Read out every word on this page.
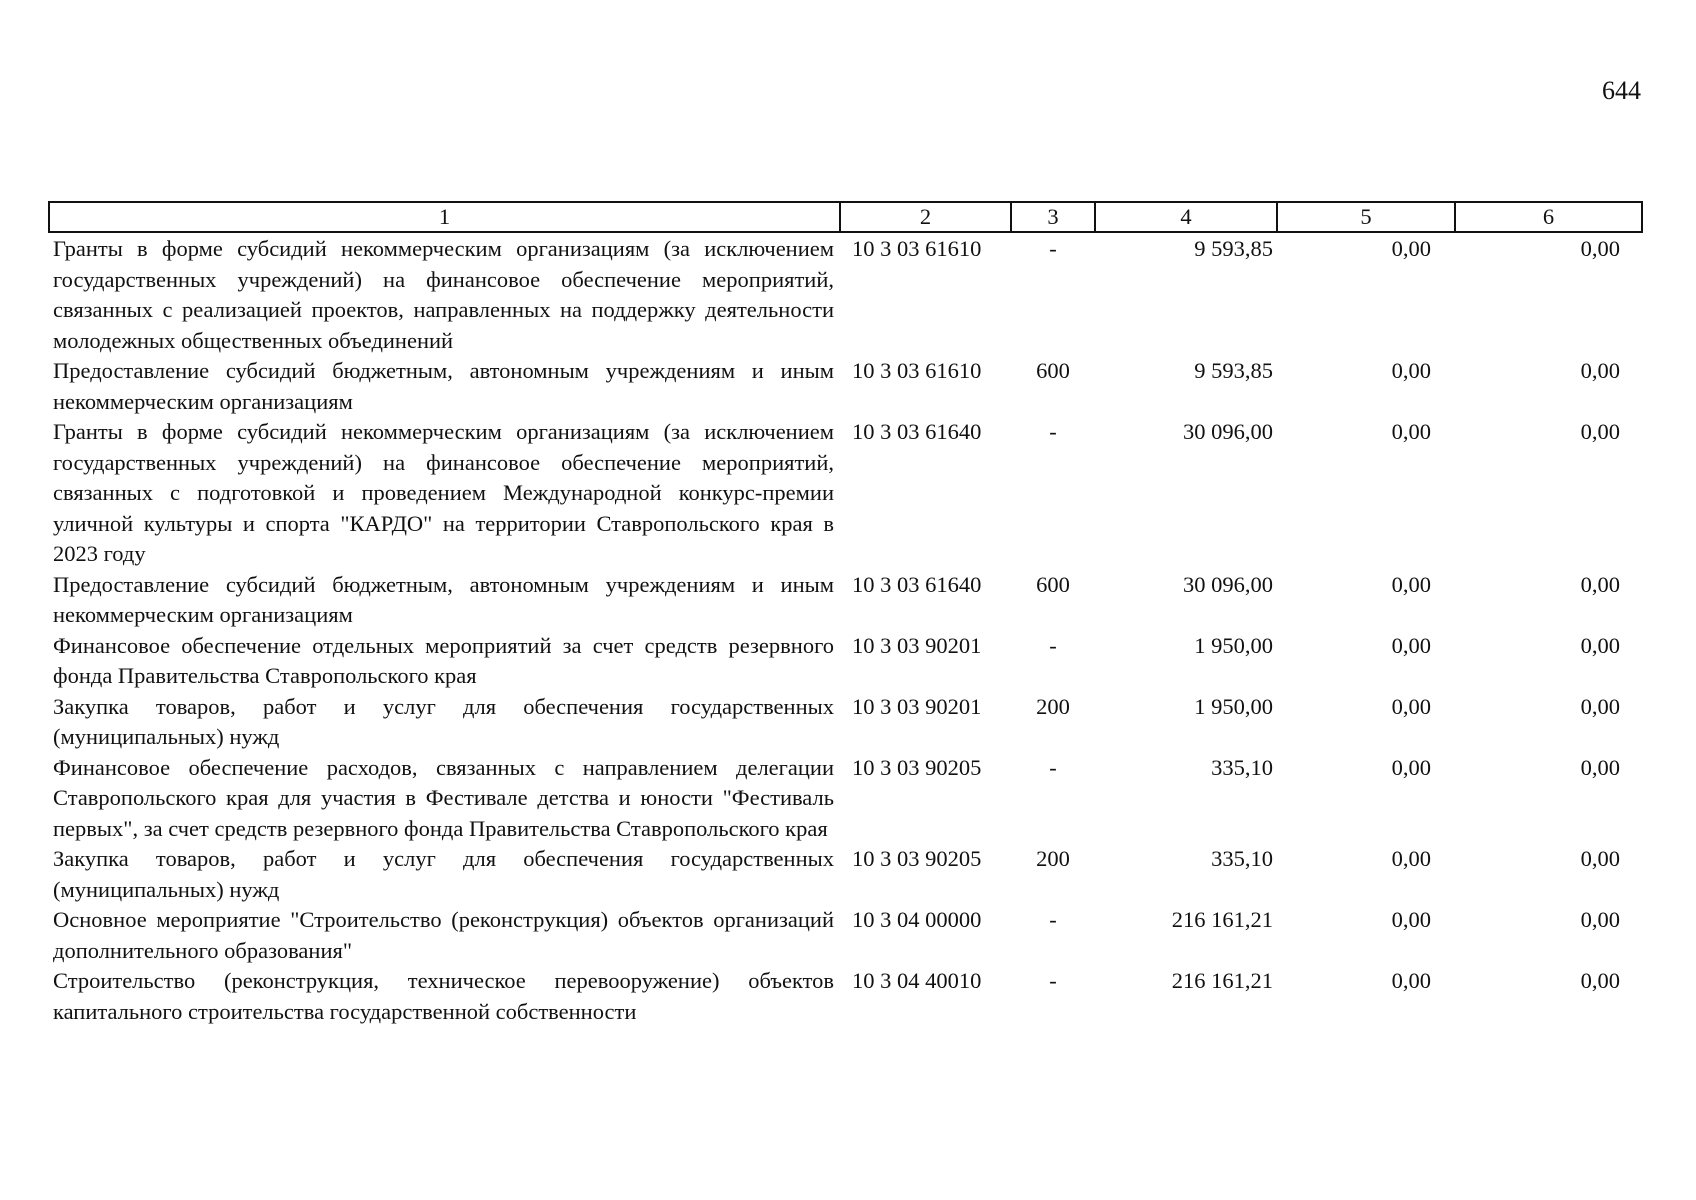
644
1	2	3	4	5	6
Гранты в форме субсидий некоммерческим организациям (за исключением государственных учреждений) на финансовое обеспечение мероприятий, связанных с реализацией проектов, направленных на поддержку деятельности молодежных общественных объединений	10 3 03 61610	-	9 593,85	0,00	0,00
Предоставление субсидий бюджетным, автономным учреждениям и иным некоммерческим организациям	10 3 03 61610	600	9 593,85	0,00	0,00
Гранты в форме субсидий некоммерческим организациям (за исключением государственных учреждений) на финансовое обеспечение мероприятий, связанных с подготовкой и проведением Международной конкурс-премии уличной культуры и спорта "КАРДО" на территории Ставропольского края в 2023 году	10 3 03 61640	-	30 096,00	0,00	0,00
Предоставление субсидий бюджетным, автономным учреждениям и иным некоммерческим организациям	10 3 03 61640	600	30 096,00	0,00	0,00
Финансовое обеспечение отдельных мероприятий за счет средств резервного фонда Правительства Ставропольского края	10 3 03 90201	-	1 950,00	0,00	0,00
Закупка товаров, работ и услуг для обеспечения государственных (муниципальных) нужд	10 3 03 90201	200	1 950,00	0,00	0,00
Финансовое обеспечение расходов, связанных с направлением делегации Ставропольского края для участия в Фестивале детства и юности "Фестиваль первых", за счет средств резервного фонда Правительства Ставропольского края	10 3 03 90205	-	335,10	0,00	0,00
Закупка товаров, работ и услуг для обеспечения государственных (муниципальных) нужд	10 3 03 90205	200	335,10	0,00	0,00
Основное мероприятие "Строительство (реконструкция) объектов организаций дополнительного образования"	10 3 04 00000	-	216 161,21	0,00	0,00
Строительство (реконструкция, техническое перевооружение) объектов капитального строительства государственной собственности	10 3 04 40010	-	216 161,21	0,00	0,00
